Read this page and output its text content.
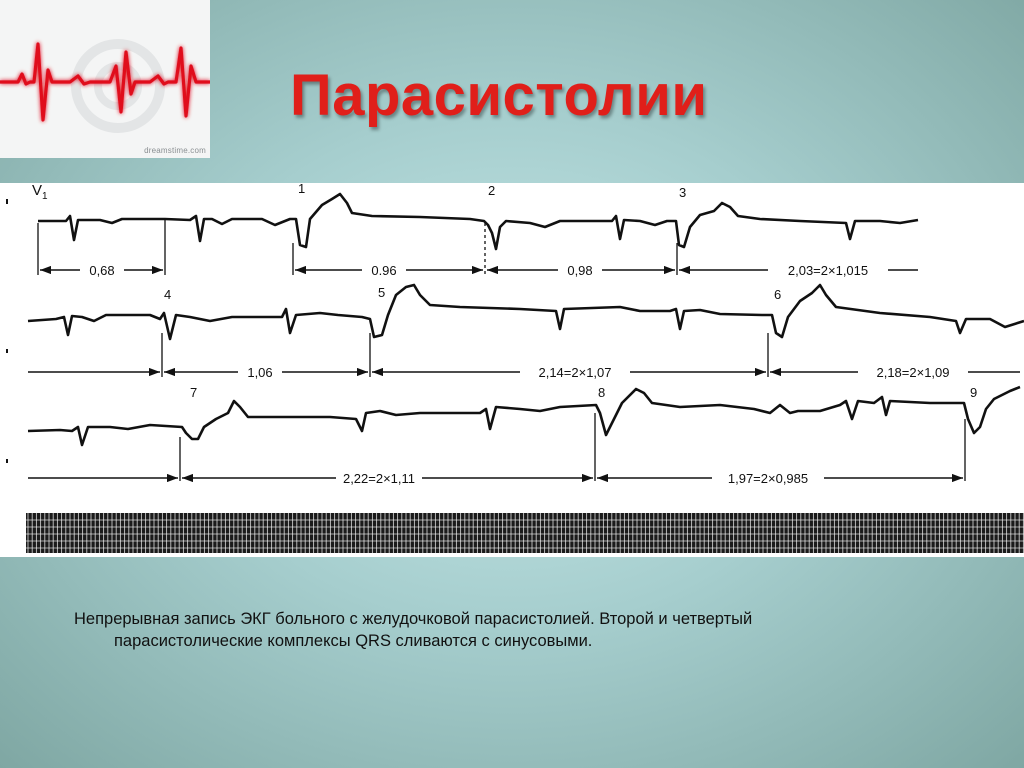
dreamstime.com
Парасистолии
$V_1$
0,68	0.96	0,98	2,03=2×1,015
1,06	2,14=2×1,07	2,18=2×1,09
2,22=2×1,11	1,97=2×0,985
1	2	3
4	5	6
7	8	9
Непрерывная запись ЭКГ больного с желудочковой парасистолией. Второй и четвертый
парасистолические комплексы QRS сливаются с синусовыми.
